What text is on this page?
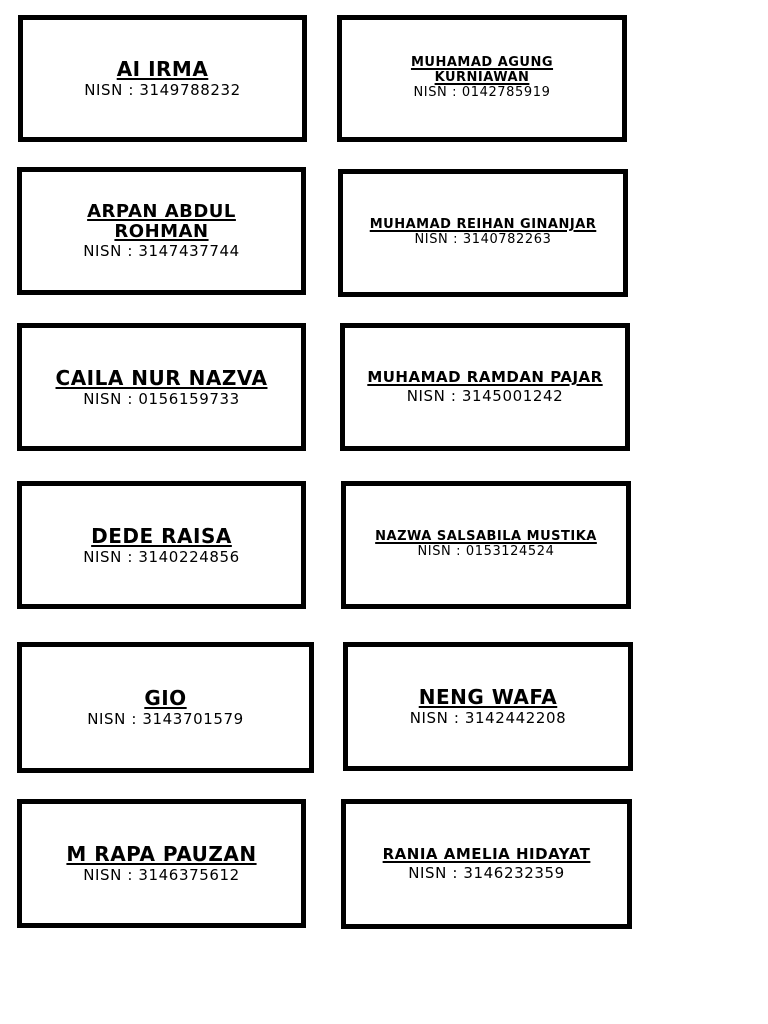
AI IRMA
NISN : 3149788232
MUHAMAD AGUNG KURNIAWAN
NISN : 0142785919
ARPAN ABDUL ROHMAN
NISN : 3147437744
MUHAMAD REIHAN GINANJAR
NISN : 3140782263
CAILA NUR NAZVA
NISN : 0156159733
MUHAMAD RAMDAN PAJAR
NISN : 3145001242
DEDE RAISA
NISN : 3140224856
NAZWA SALSABILA MUSTIKA
NISN : 0153124524
GIO
NISN : 3143701579
NENG WAFA
NISN : 3142442208
M RAPA PAUZAN
NISN : 3146375612
RANIA AMELIA HIDAYAT
NISN : 3146232359
